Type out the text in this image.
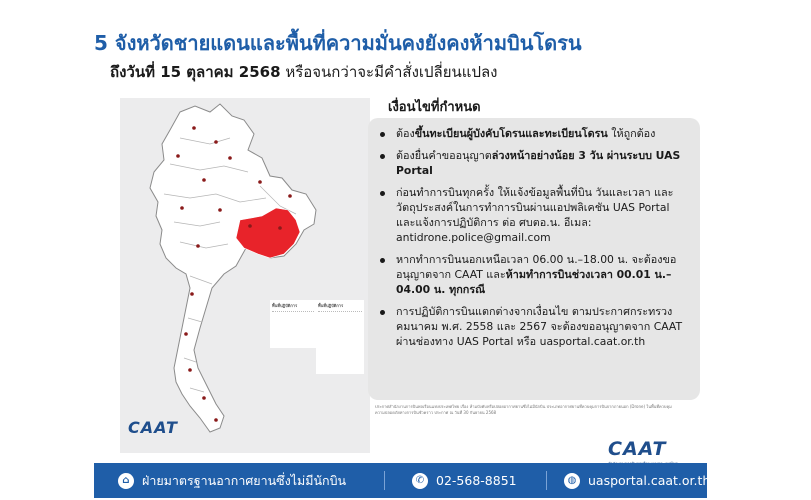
5 จังหวัดชายแดนและพื้นที่ความมั่นคงยังคงห้ามบินโดรน
ถึงวันที่ 15 ตุลาคม 2568 หรือจนกว่าจะมีคำสั่งเปลี่ยนแปลง
พื้นที่ปฏิบัติการ	พื้นที่ปฏิบัติการ
CAAT
เงื่อนไขที่กำหนด
ต้องขึ้นทะเบียนผู้บังคับโดรนและทะเบียนโดรน ให้ถูกต้อง
ต้องยื่นคำขออนุญาตล่วงหน้าอย่างน้อย 3 วัน ผ่านระบบ UAS Portal
ก่อนทำการบินทุกครั้ง ให้แจ้งข้อมูลพื้นที่บิน วันและเวลา และวัตถุประสงค์ในการทำการบินผ่านแอปพลิเคชัน UAS Portal และแจ้งการปฏิบัติการ ต่อ ศบตอ.น. อีเมล: antidrone.police@gmail.com
หากทำการบินนอกเหนือเวลา 06.00 น.–18.00 น. จะต้องขออนุญาตจาก CAAT และห้ามทำการบินช่วงเวลา 00.01 น.– 04.00 น. ทุกกรณี
การปฏิบัติการบินแตกต่างจากเงื่อนไข ตามประกาศกระทรวงคมนาคม พ.ศ. 2558 และ 2567 จะต้องขออนุญาตจาก CAAT ผ่านช่องทาง UAS Portal หรือ uasportal.caat.or.th
ประกาศสำนักงานการบินพลเรือนแห่งประเทศไทย เรื่อง ห้ามบังคับหรือปล่อยอากาศยานซึ่งไม่มีนักบิน ประเภทอากาศยานที่ควบคุมการบินจากภายนอก (Drone) ในพื้นที่ควบคุมความปลอดภัยทางการบินชั่วคราว ประกาศ ณ วันที่ 30 กันยายน 2568
CAAT
⌂ ฝ่ายมาตรฐานอากาศยานซึ่งไม่มีนักบิน	✆ 02-568-8851	◍ uasportal.caat.or.th
